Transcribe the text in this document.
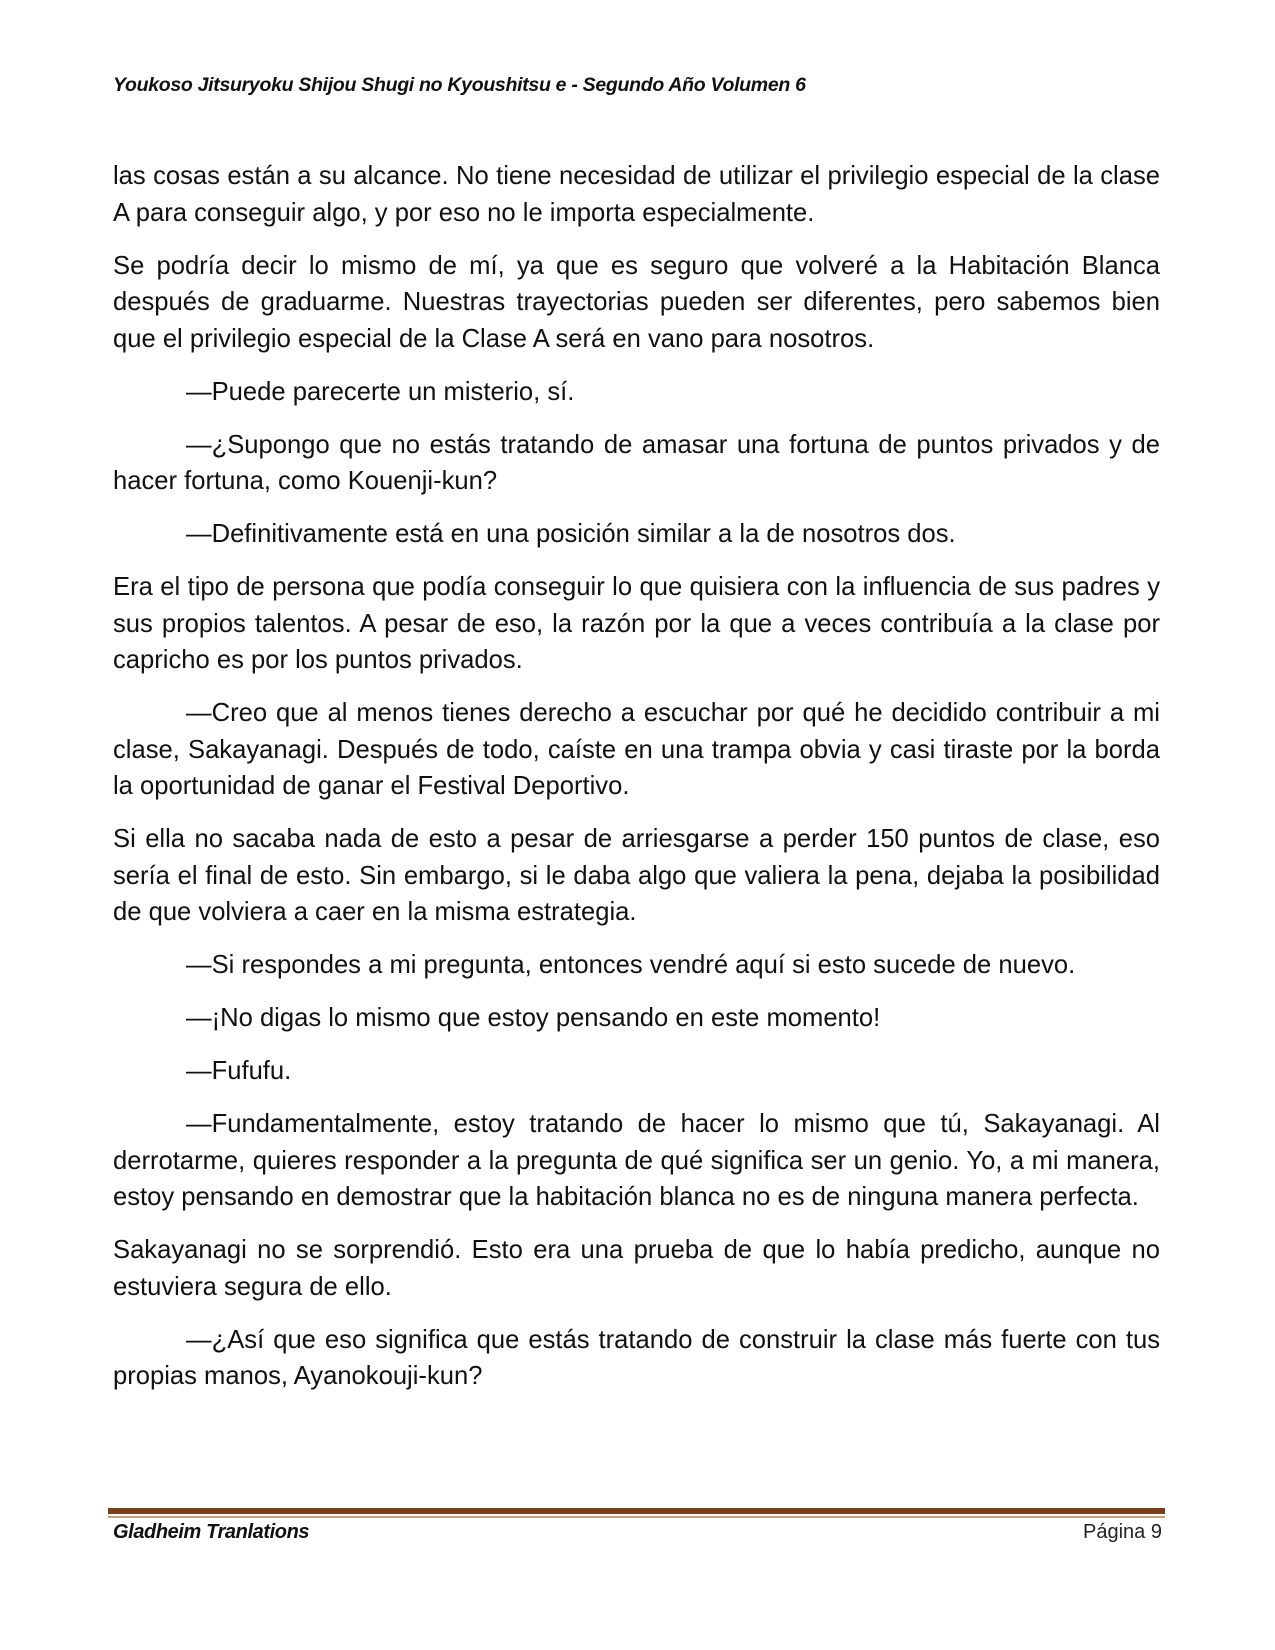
Youkoso Jitsuryoku Shijou Shugi no Kyoushitsu e - Segundo Año Volumen 6

las cosas están a su alcance. No tiene necesidad de utilizar el privilegio especial de la clase A para conseguir algo, y por eso no le importa especialmente.

Se podría decir lo mismo de mí, ya que es seguro que volveré a la Habitación Blanca después de graduarme. Nuestras trayectorias pueden ser diferentes, pero sabemos bien que el privilegio especial de la Clase A será en vano para nosotros.

—Puede parecerte un misterio, sí.

—¿Supongo que no estás tratando de amasar una fortuna de puntos privados y de hacer fortuna, como Kouenji-kun?

—Definitivamente está en una posición similar a la de nosotros dos.

Era el tipo de persona que podía conseguir lo que quisiera con la influencia de sus padres y sus propios talentos. A pesar de eso, la razón por la que a veces contribuía a la clase por capricho es por los puntos privados.

—Creo que al menos tienes derecho a escuchar por qué he decidido contribuir a mi clase, Sakayanagi. Después de todo, caíste en una trampa obvia y casi tiraste por la borda la oportunidad de ganar el Festival Deportivo.

Si ella no sacaba nada de esto a pesar de arriesgarse a perder 150 puntos de clase, eso sería el final de esto. Sin embargo, si le daba algo que valiera la pena, dejaba la posibilidad de que volviera a caer en la misma estrategia.

—Si respondes a mi pregunta, entonces vendré aquí si esto sucede de nuevo.

—¡No digas lo mismo que estoy pensando en este momento!

—Fufufu.

—Fundamentalmente, estoy tratando de hacer lo mismo que tú, Sakayanagi. Al derrotarme, quieres responder a la pregunta de qué significa ser un genio. Yo, a mi manera, estoy pensando en demostrar que la habitación blanca no es de ninguna manera perfecta.

Sakayanagi no se sorprendió. Esto era una prueba de que lo había predicho, aunque no estuviera segura de ello.

—¿Así que eso significa que estás tratando de construir la clase más fuerte con tus propias manos, Ayanokouji-kun?

Gladheim Tranlations	Página 9
